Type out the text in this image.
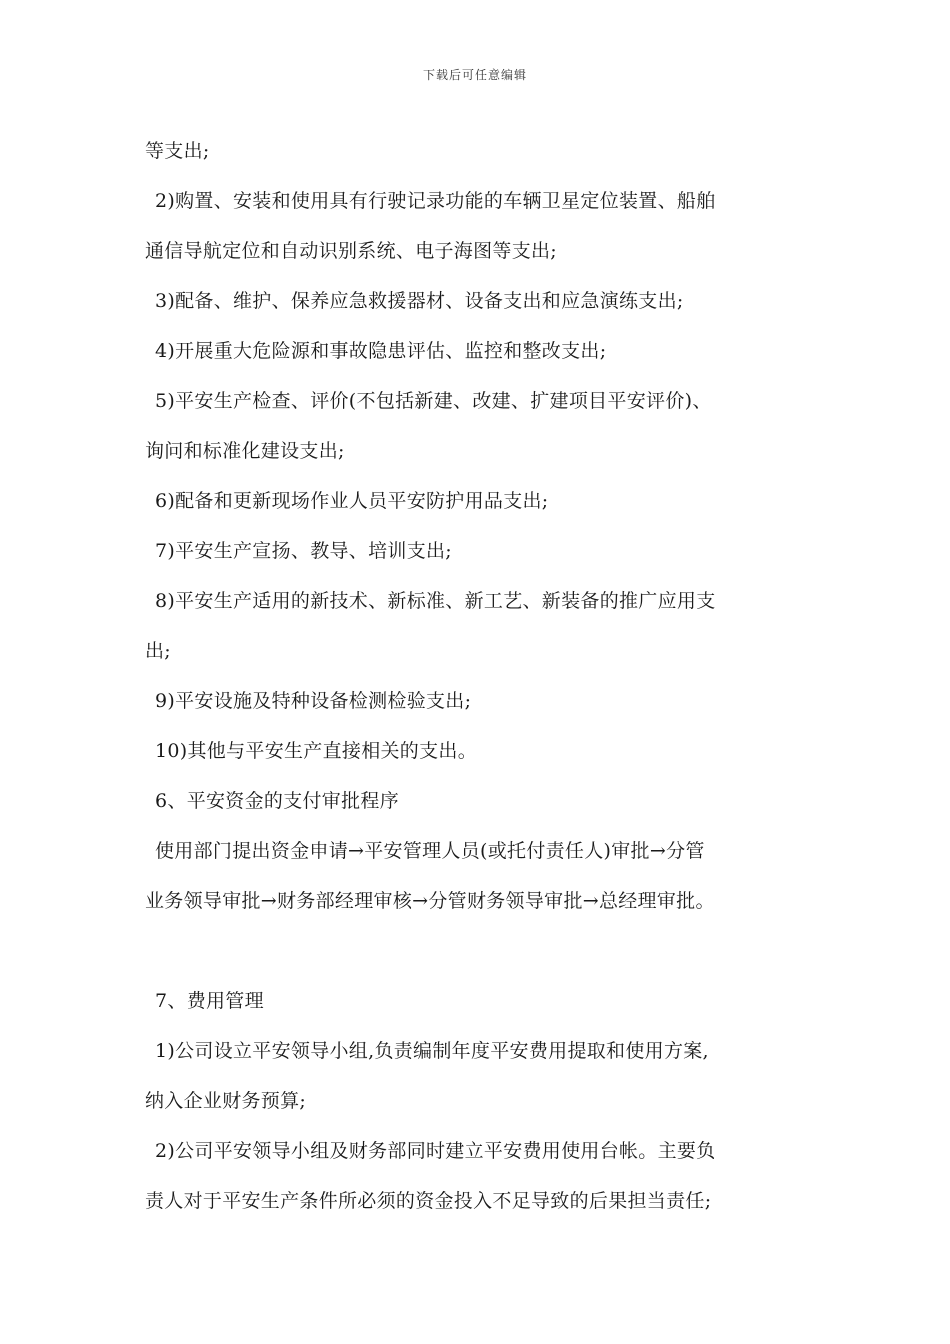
下载后可任意编辑
等支出;
2)购置、安装和使用具有行驶记录功能的车辆卫星定位装置、船舶
通信导航定位和自动识别系统、电子海图等支出;
3)配备、维护、保养应急救援器材、设备支出和应急演练支出;
4)开展重大危险源和事故隐患评估、监控和整改支出;
5)平安生产检查、评价(不包括新建、改建、扩建项目平安评价)、
询问和标准化建设支出;
6)配备和更新现场作业人员平安防护用品支出;
7)平安生产宣扬、教导、培训支出;
8)平安生产适用的新技术、新标准、新工艺、新装备的推广应用支
出;
9)平安设施及特种设备检测检验支出;
10)其他与平安生产直接相关的支出。
6、平安资金的支付审批程序
使用部门提出资金申请→平安管理人员(或托付责任人)审批→分管
业务领导审批→财务部经理审核→分管财务领导审批→总经理审批。
7、费用管理
1)公司设立平安领导小组,负责编制年度平安费用提取和使用方案,
纳入企业财务预算;
2)公司平安领导小组及财务部同时建立平安费用使用台帐。主要负
责人对于平安生产条件所必须的资金投入不足导致的后果担当责任;
